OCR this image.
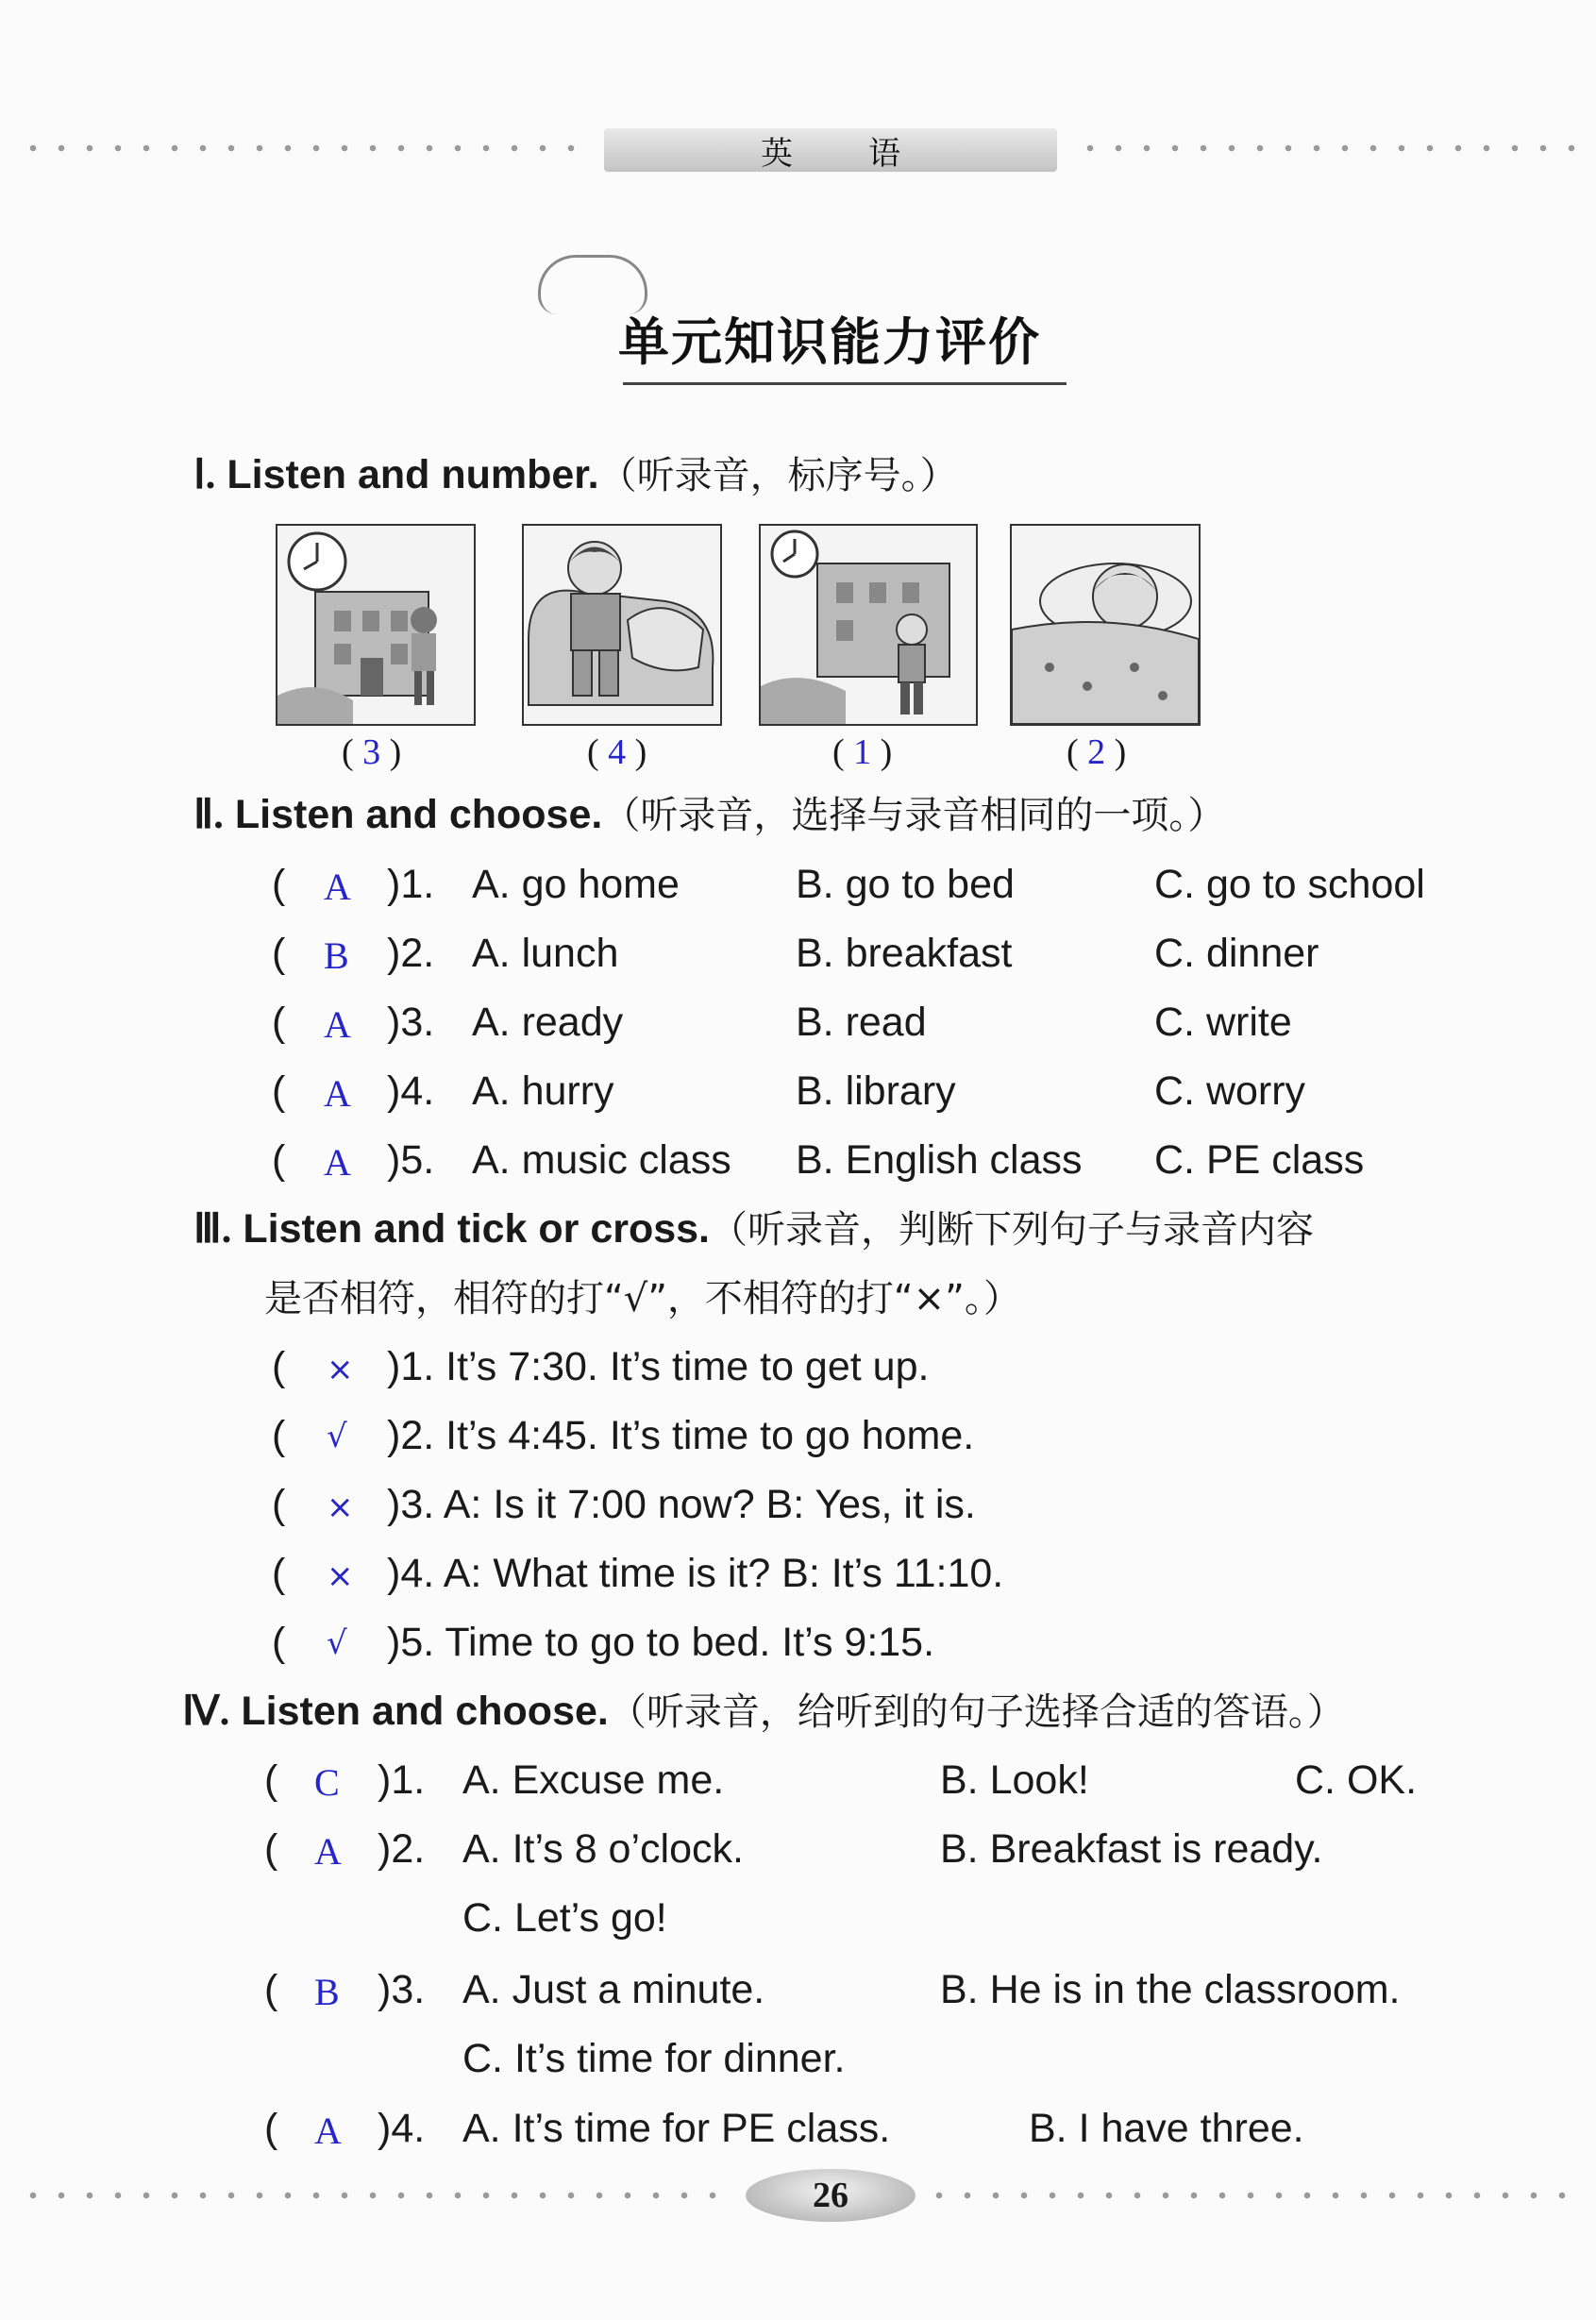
英 语
单元知识能力评价
Ⅰ. Listen and number.（听录音，标序号。）
( 3 )	( 4 )	( 1 )	( 2 )
Ⅱ. Listen and choose.（听录音，选择与录音相同的一项。）
( A )1. A. go home	B. go to bed	C. go to school
( B )2. A. lunch	B. breakfast	C. dinner
( A )3. A. ready	B. read	C. write
( A )4. A. hurry	B. library	C. worry
( A )5. A. music class B. English class C. PE class
Ⅲ. Listen and tick or cross.（听录音，判断下列句子与录音内容
是否相符，相符的打“√”，不相符的打“×”。）
( × )1. It’s 7:30. It’s time to get up.
( √ )2. It’s 4:45. It’s time to go home.
( × )3. A: Is it 7:00 now? B: Yes, it is.
( × )4. A: What time is it? B: It’s 11:10.
( √ )5. Time to go to bed. It’s 9:15.
Ⅳ. Listen and choose.（听录音，给听到的句子选择合适的答语。）
( C )1. A. Excuse me.	B. Look!	C. OK.
( A )2. A. It’s 8 o’clock.	B. Breakfast is ready.
C. Let’s go!
( B )3. A. Just a minute.	B. He is in the classroom.
C. It’s time for dinner.
( A )4. A. It’s time for PE class.	B. I have three.
26
